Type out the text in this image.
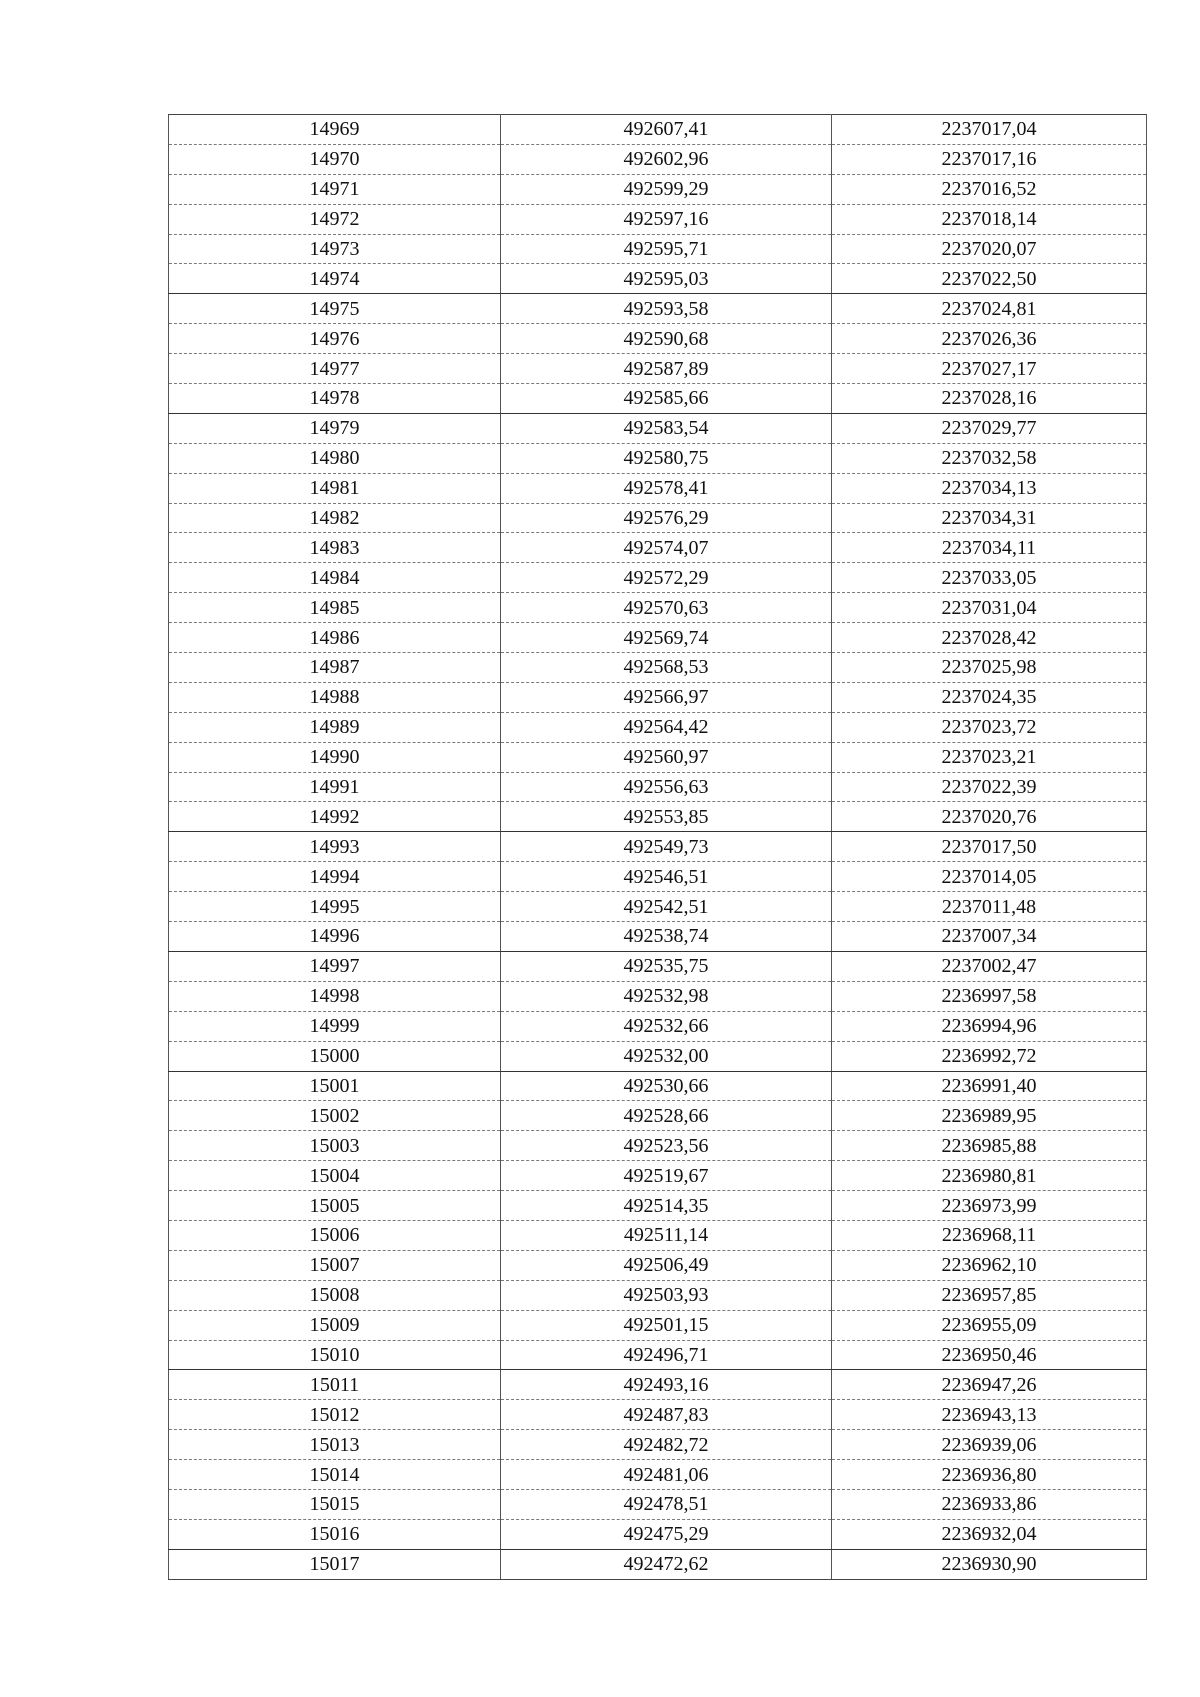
14969	492607,41	2237017,04
14970	492602,96	2237017,16
14971	492599,29	2237016,52
14972	492597,16	2237018,14
14973	492595,71	2237020,07
14974	492595,03	2237022,50
14975	492593,58	2237024,81
14976	492590,68	2237026,36
14977	492587,89	2237027,17
14978	492585,66	2237028,16
14979	492583,54	2237029,77
14980	492580,75	2237032,58
14981	492578,41	2237034,13
14982	492576,29	2237034,31
14983	492574,07	2237034,11
14984	492572,29	2237033,05
14985	492570,63	2237031,04
14986	492569,74	2237028,42
14987	492568,53	2237025,98
14988	492566,97	2237024,35
14989	492564,42	2237023,72
14990	492560,97	2237023,21
14991	492556,63	2237022,39
14992	492553,85	2237020,76
14993	492549,73	2237017,50
14994	492546,51	2237014,05
14995	492542,51	2237011,48
14996	492538,74	2237007,34
14997	492535,75	2237002,47
14998	492532,98	2236997,58
14999	492532,66	2236994,96
15000	492532,00	2236992,72
15001	492530,66	2236991,40
15002	492528,66	2236989,95
15003	492523,56	2236985,88
15004	492519,67	2236980,81
15005	492514,35	2236973,99
15006	492511,14	2236968,11
15007	492506,49	2236962,10
15008	492503,93	2236957,85
15009	492501,15	2236955,09
15010	492496,71	2236950,46
15011	492493,16	2236947,26
15012	492487,83	2236943,13
15013	492482,72	2236939,06
15014	492481,06	2236936,80
15015	492478,51	2236933,86
15016	492475,29	2236932,04
15017	492472,62	2236930,90
